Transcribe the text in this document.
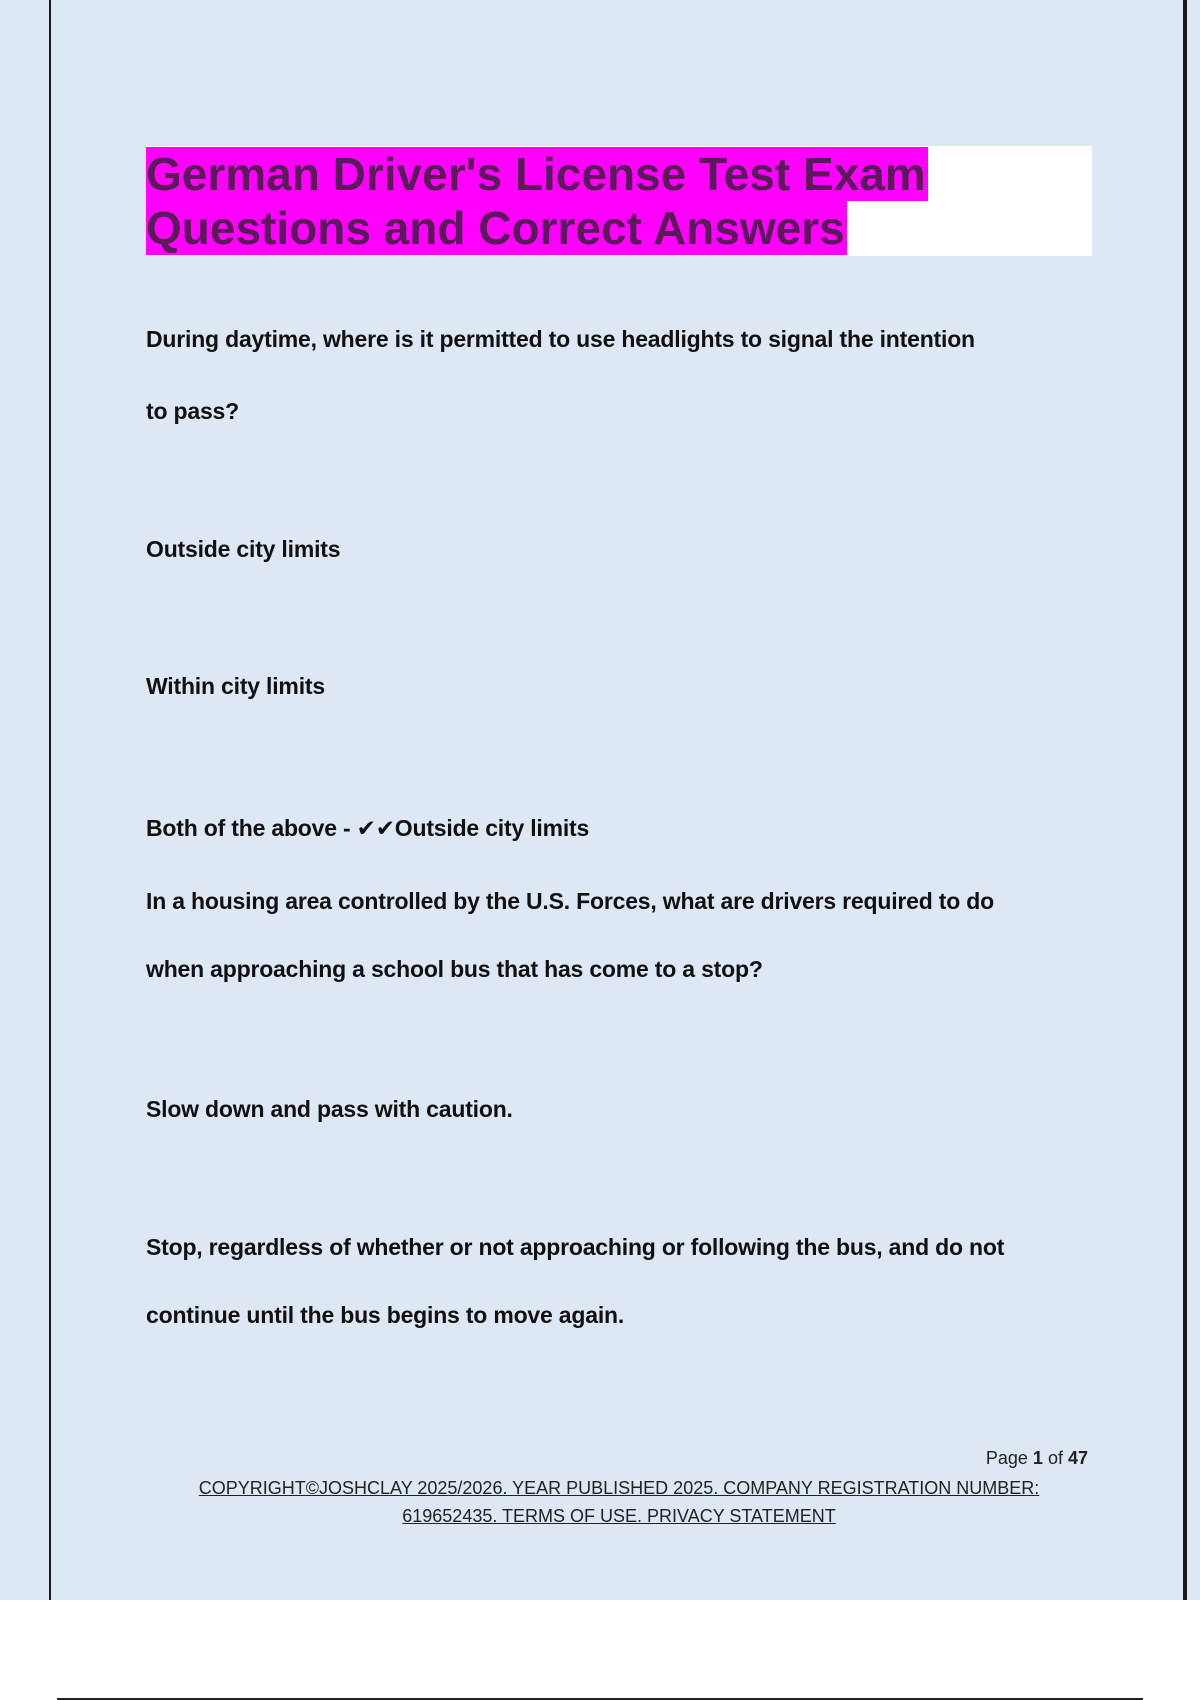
German Driver's License Test Exam
Questions and Correct Answers
During daytime, where is it permitted to use headlights to signal the intention
to pass?
Outside city limits
Within city limits
Both of the above - ✔✔Outside city limits
In a housing area controlled by the U.S. Forces, what are drivers required to do
when approaching a school bus that has come to a stop?
Slow down and pass with caution.
Stop, regardless of whether or not approaching or following the bus, and do not
continue until the bus begins to move again.
Page 1 of 47
COPYRIGHT©JOSHCLAY 2025/2026. YEAR PUBLISHED 2025. COMPANY REGISTRATION NUMBER:
619652435. TERMS OF USE. PRIVACY STATEMENT
